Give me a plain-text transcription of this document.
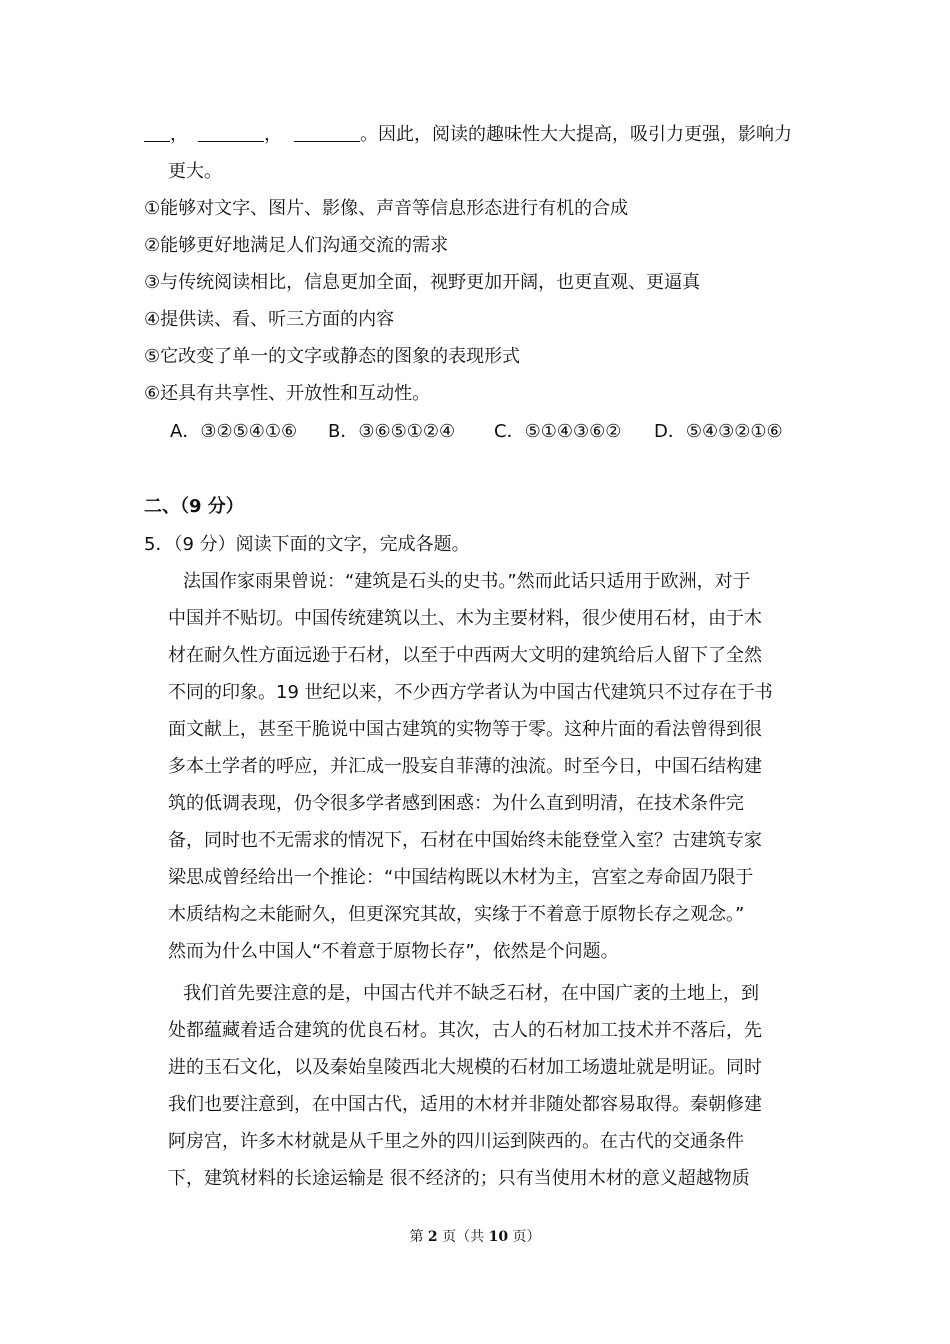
，	，	。因此，阅读的趣味性大大提高，吸引力更强，影响力
更大。
①能够对文字、图片、影像、声音等信息形态进行有机的合成
②能够更好地满足人们沟通交流的需求
③与传统阅读相比，信息更加全面，视野更加开阔，也更直观、更逼真
④提供读、看、听三方面的内容
⑤它改变了单一的文字或静态的图象的表现形式
⑥还具有共享性、开放性和互动性。
A．③②⑤④①⑥ B．③⑥⑤①②④ C．⑤①④③⑥② D．⑤④③②①⑥
二、（9 分）
5．（9 分）阅读下面的文字，完成各题。
法国作家雨果曾说：“建筑是石头的史书。”然而此话只适用于欧洲，对于
中国并不贴切。中国传统建筑以土、木为主要材料，很少使用石材，由于木
材在耐久性方面远逊于石材，以至于中西两大文明的建筑给后人留下了全然
不同的印象。19 世纪以来，不少西方学者认为中国古代建筑只不过存在于书
面文献上，甚至干脆说中国古建筑的实物等于零。这种片面的看法曾得到很
多本土学者的呼应，并汇成一股妄自菲薄的浊流。时至今日，中国石结构建
筑的低调表现，仍令很多学者感到困惑：为什么直到明清，在技术条件完
备，同时也不无需求的情况下，石材在中国始终未能登堂入室？古建筑专家
梁思成曾经给出一个推论：“中国结构既以木材为主，宫室之寿命固乃限于
木质结构之未能耐久，但更深究其故，实缘于不着意于原物长存之观念。”
然而为什么中国人“不着意于原物长存”，依然是个问题。
我们首先要注意的是，中国古代并不缺乏石材，在中国广袤的土地上，到
处都蕴藏着适合建筑的优良石材。其次，古人的石材加工技术并不落后，先
进的玉石文化，以及秦始皇陵西北大规模的石材加工场遗址就是明证。同时
我们也要注意到，在中国古代，适用的木材并非随处都容易取得。秦朝修建
阿房宫，许多木材就是从千里之外的四川运到陕西的。在古代的交通条件
下，建筑材料的长途运输是 很不经济的；只有当使用木材的意义超越物质
第 2 页（共 10 页）
